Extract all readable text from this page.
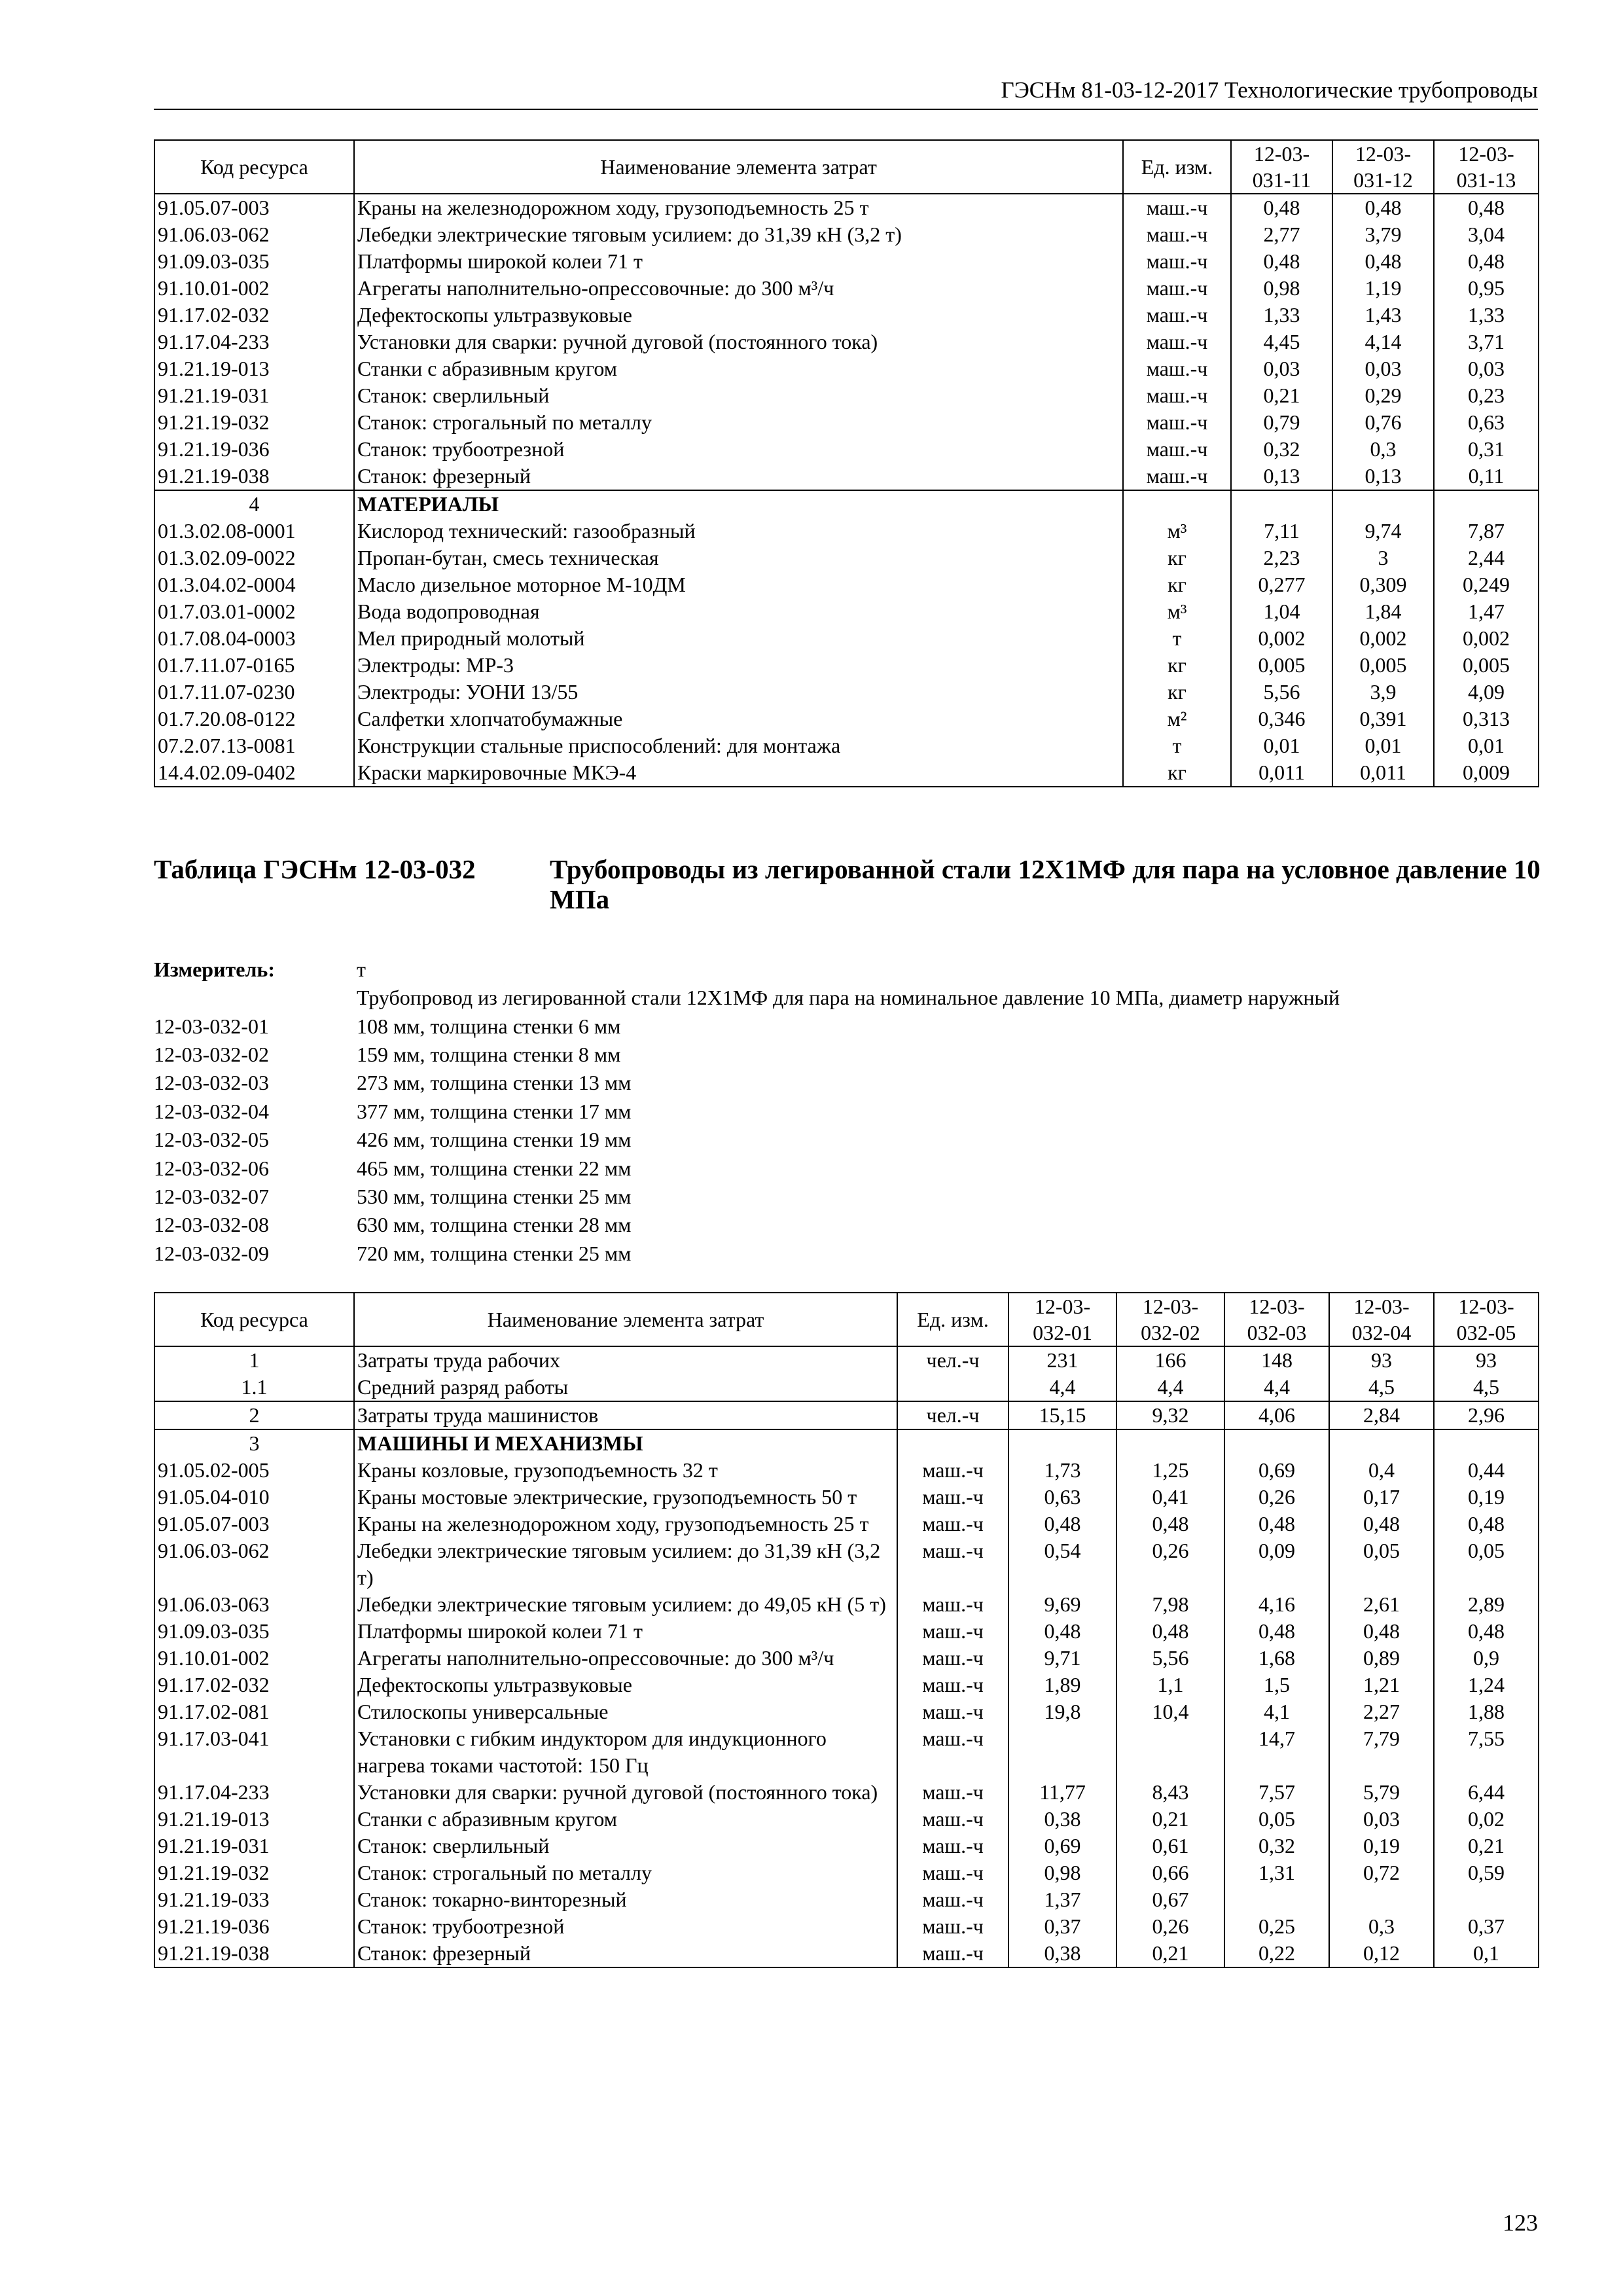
ГЭСНм 81-03-12-2017 Технологические трубопроводы
Код ресурса	Наименование элемента затрат	Ед. изм.	12-03-
031-11	12-03-
031-12	12-03-
031-13
91.05.07-003	Краны на железнодорожном ходу, грузоподъемность 25 т	маш.-ч	0,48	0,48	0,48
91.06.03-062	Лебедки электрические тяговым усилием: до 31,39 кН (3,2 т)	маш.-ч	2,77	3,79	3,04
91.09.03-035	Платформы широкой колеи 71 т	маш.-ч	0,48	0,48	0,48
91.10.01-002	Агрегаты наполнительно-опрессовочные: до 300 м³/ч	маш.-ч	0,98	1,19	0,95
91.17.02-032	Дефектоскопы ультразвуковые	маш.-ч	1,33	1,43	1,33
91.17.04-233	Установки для сварки: ручной дуговой (постоянного тока)	маш.-ч	4,45	4,14	3,71
91.21.19-013	Станки с абразивным кругом	маш.-ч	0,03	0,03	0,03
91.21.19-031	Станок: сверлильный	маш.-ч	0,21	0,29	0,23
91.21.19-032	Станок: строгальный по металлу	маш.-ч	0,79	0,76	0,63
91.21.19-036	Станок: трубоотрезной	маш.-ч	0,32	0,3	0,31
91.21.19-038	Станок: фрезерный	маш.-ч	0,13	0,13	0,11
4	МАТЕРИАЛЫ				
01.3.02.08-0001	Кислород технический: газообразный	м³	7,11	9,74	7,87
01.3.02.09-0022	Пропан-бутан, смесь техническая	кг	2,23	3	2,44
01.3.04.02-0004	Масло дизельное моторное М-10ДМ	кг	0,277	0,309	0,249
01.7.03.01-0002	Вода водопроводная	м³	1,04	1,84	1,47
01.7.08.04-0003	Мел природный молотый	т	0,002	0,002	0,002
01.7.11.07-0165	Электроды: МР-3	кг	0,005	0,005	0,005
01.7.11.07-0230	Электроды: УОНИ 13/55	кг	5,56	3,9	4,09
01.7.20.08-0122	Салфетки хлопчатобумажные	м²	0,346	0,391	0,313
07.2.07.13-0081	Конструкции стальные приспособлений: для монтажа	т	0,01	0,01	0,01
14.4.02.09-0402	Краски маркировочные МКЭ-4	кг	0,011	0,011	0,009
Таблица ГЭСНм 12-03-032	Трубопроводы из легированной стали 12Х1МФ для пара на условное давление 10 МПа
Измеритель:	т
Трубопровод из легированной стали 12Х1МФ для пара на номинальное давление 10 МПа, диаметр наружный
12-03-032-01	108 мм, толщина стенки 6 мм
12-03-032-02	159 мм, толщина стенки 8 мм
12-03-032-03	273 мм, толщина стенки 13 мм
12-03-032-04	377 мм, толщина стенки 17 мм
12-03-032-05	426 мм, толщина стенки 19 мм
12-03-032-06	465 мм, толщина стенки 22 мм
12-03-032-07	530 мм, толщина стенки 25 мм
12-03-032-08	630 мм, толщина стенки 28 мм
12-03-032-09	720 мм, толщина стенки 25 мм
Код ресурса	Наименование элемента затрат	Ед. изм.	12-03-
032-01	12-03-
032-02	12-03-
032-03	12-03-
032-04	12-03-
032-05
1	Затраты труда рабочих	чел.-ч	231	166	148	93	93
1.1	Средний разряд работы		4,4	4,4	4,4	4,5	4,5
2	Затраты труда машинистов	чел.-ч	15,15	9,32	4,06	2,84	2,96
3	МАШИНЫ И МЕХАНИЗМЫ						
91.05.02-005	Краны козловые, грузоподъемность 32 т	маш.-ч	1,73	1,25	0,69	0,4	0,44
91.05.04-010	Краны мостовые электрические, грузоподъемность 50 т	маш.-ч	0,63	0,41	0,26	0,17	0,19
91.05.07-003	Краны на железнодорожном ходу, грузоподъемность 25 т	маш.-ч	0,48	0,48	0,48	0,48	0,48
91.06.03-062	Лебедки электрические тяговым усилием: до 31,39 кН (3,2 т)	маш.-ч	0,54	0,26	0,09	0,05	0,05
91.06.03-063	Лебедки электрические тяговым усилием: до 49,05 кН (5 т)	маш.-ч	9,69	7,98	4,16	2,61	2,89
91.09.03-035	Платформы широкой колеи 71 т	маш.-ч	0,48	0,48	0,48	0,48	0,48
91.10.01-002	Агрегаты наполнительно-опрессовочные: до 300 м³/ч	маш.-ч	9,71	5,56	1,68	0,89	0,9
91.17.02-032	Дефектоскопы ультразвуковые	маш.-ч	1,89	1,1	1,5	1,21	1,24
91.17.02-081	Стилоскопы универсальные	маш.-ч	19,8	10,4	4,1	2,27	1,88
91.17.03-041	Установки с гибким индуктором для индукционного нагрева токами частотой: 150 Гц	маш.-ч			14,7	7,79	7,55
91.17.04-233	Установки для сварки: ручной дуговой (постоянного тока)	маш.-ч	11,77	8,43	7,57	5,79	6,44
91.21.19-013	Станки с абразивным кругом	маш.-ч	0,38	0,21	0,05	0,03	0,02
91.21.19-031	Станок: сверлильный	маш.-ч	0,69	0,61	0,32	0,19	0,21
91.21.19-032	Станок: строгальный по металлу	маш.-ч	0,98	0,66	1,31	0,72	0,59
91.21.19-033	Станок: токарно-винторезный	маш.-ч	1,37	0,67			
91.21.19-036	Станок: трубоотрезной	маш.-ч	0,37	0,26	0,25	0,3	0,37
91.21.19-038	Станок: фрезерный	маш.-ч	0,38	0,21	0,22	0,12	0,1
123
